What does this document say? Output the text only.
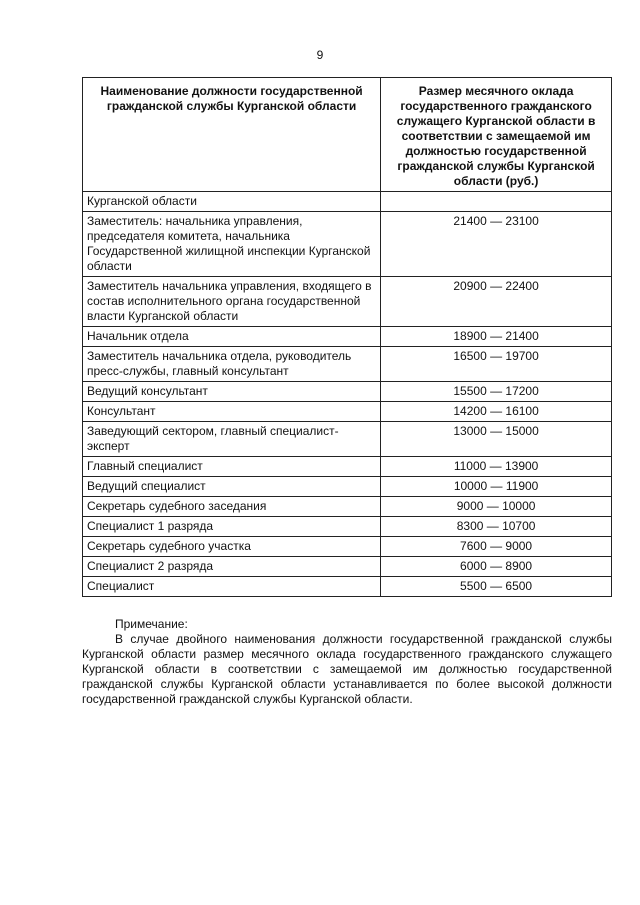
9
Наименование должности государственной гражданской службы Курганской области	Размер месячного оклада государственного гражданского служащего Курганской области в соответствии с замещаемой им должностью государственной гражданской службы Курганской области (руб.)
Курганской области	
Заместитель: начальника управления, председателя комитета, начальника Государственной жилищной инспекции Курганской области	21400 — 23100
Заместитель начальника управления, входящего в состав исполнительного органа государственной власти Курганской области	20900 — 22400
Начальник отдела	18900 — 21400
Заместитель начальника отдела, руководитель пресс-службы, главный консультант	16500 — 19700
Ведущий консультант	15500 — 17200
Консультант	14200 — 16100
Заведующий сектором, главный специалист-эксперт	13000 — 15000
Главный специалист	11000 — 13900
Ведущий специалист	10000 — 11900
Секретарь судебного заседания	9000 — 10000
Специалист 1 разряда	8300 — 10700
Секретарь судебного участка	7600 — 9000
Специалист 2 разряда	6000 — 8900
Специалист	5500 — 6500
Примечание:

В случае двойного наименования должности государственной гражданской службы Курганской области размер месячного оклада государственного гражданского служащего Курганской области в соответствии с замещаемой им должностью государственной гражданской службы Курганской области устанавливается по более высокой должности государственной гражданской службы Курганской области.
